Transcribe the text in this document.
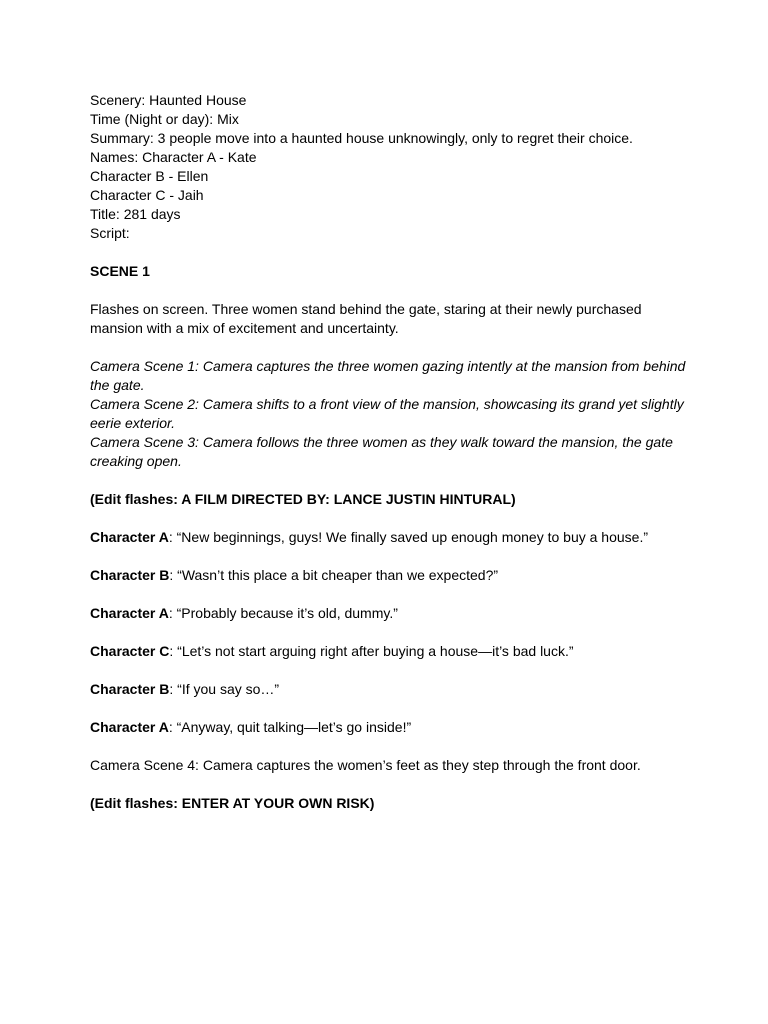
Scenery: Haunted House
Time (Night or day): Mix
Summary: 3 people move into a haunted house unknowingly, only to regret their choice.
Names: Character A - Kate
Character B - Ellen
Character C - Jaih
Title: 281 days
Script:
SCENE 1
Flashes on screen. Three women stand behind the gate, staring at their newly purchased mansion with a mix of excitement and uncertainty.
Camera Scene 1: Camera captures the three women gazing intently at the mansion from behind the gate.
Camera Scene 2: Camera shifts to a front view of the mansion, showcasing its grand yet slightly eerie exterior.
Camera Scene 3: Camera follows the three women as they walk toward the mansion, the gate creaking open.
(Edit flashes: A FILM DIRECTED BY: LANCE JUSTIN HINTURAL)
Character A: “New beginnings, guys! We finally saved up enough money to buy a house.”
Character B: “Wasn’t this place a bit cheaper than we expected?”
Character A: “Probably because it’s old, dummy.”
Character C: “Let’s not start arguing right after buying a house—it’s bad luck.”
Character B: “If you say so…”
Character A: “Anyway, quit talking—let’s go inside!”
Camera Scene 4: Camera captures the women’s feet as they step through the front door.
(Edit flashes: ENTER AT YOUR OWN RISK)
